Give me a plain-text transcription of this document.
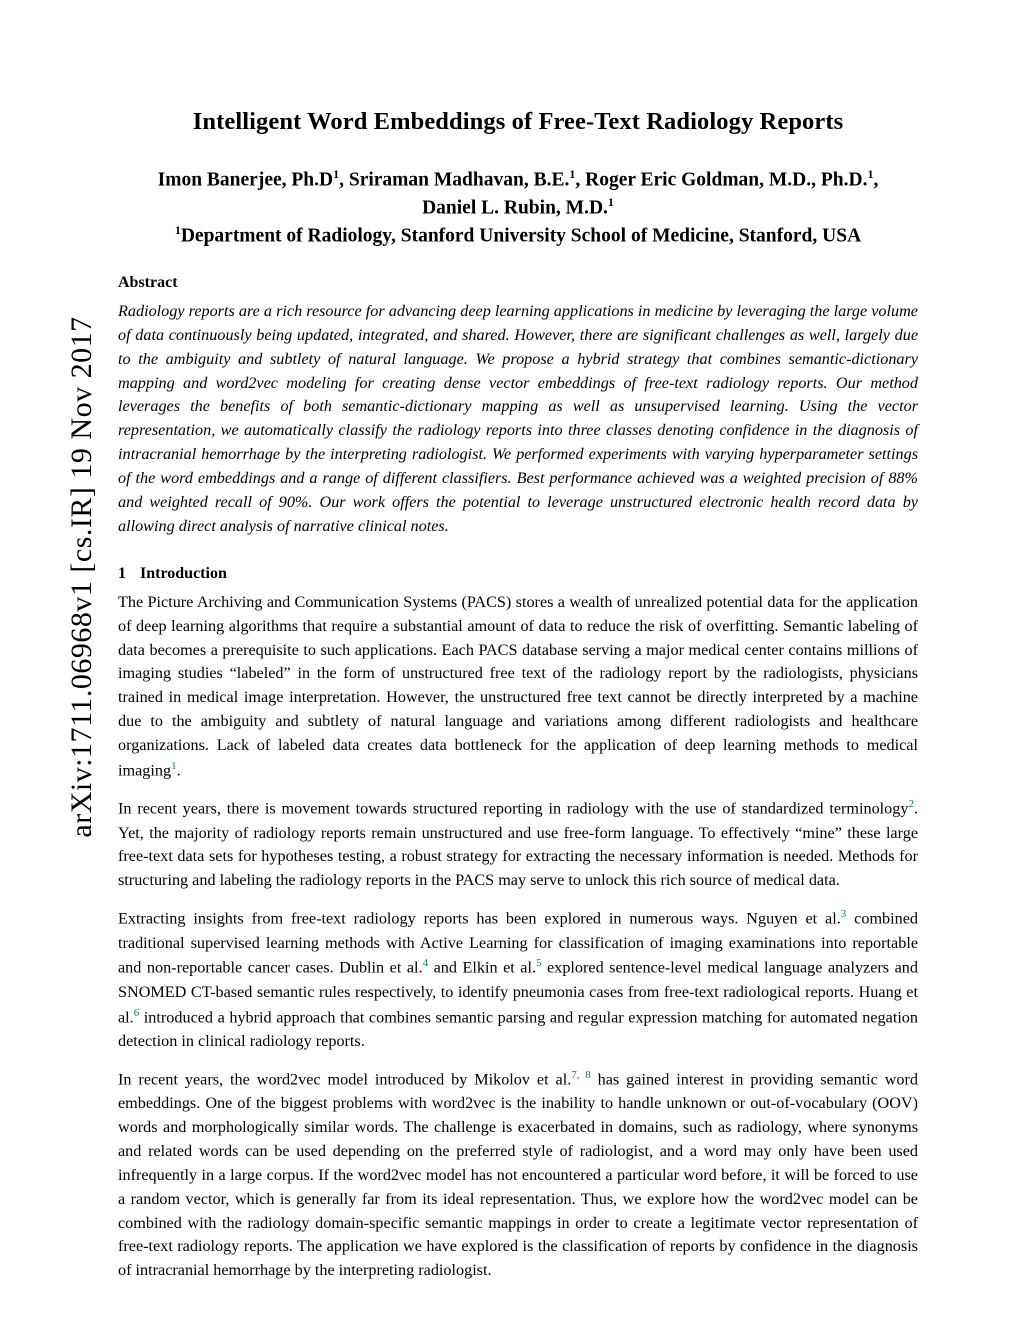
arXiv:1711.06968v1 [cs.IR] 19 Nov 2017
Intelligent Word Embeddings of Free-Text Radiology Reports
Imon Banerjee, $Ph.D^1$, Sriraman Madhavan, B.E.$^1$, Roger Eric Goldman, M.D., Ph.D.$^1$,
Daniel L. Rubin, M.D.$^1$
$^1$Department of Radiology, Stanford University School of Medicine, Stanford, USA
Abstract
Radiology reports are a rich resource for advancing deep learning applications in medicine by leveraging the large volume of data continuously being updated, integrated, and shared. However, there are significant challenges as well, largely due to the ambiguity and subtlety of natural language. We propose a hybrid strategy that combines semantic-dictionary mapping and word2vec modeling for creating dense vector embeddings of free-text radiology reports. Our method leverages the benefits of both semantic-dictionary mapping as well as unsupervised learning. Using the vector representation, we automatically classify the radiology reports into three classes denoting confidence in the diagnosis of intracranial hemorrhage by the interpreting radiologist. We performed experiments with varying hyperparameter settings of the word embeddings and a range of different classifiers. Best performance achieved was a weighted precision of 88% and weighted recall of 90%. Our work offers the potential to leverage unstructured electronic health record data by allowing direct analysis of narrative clinical notes.
1 Introduction

The Picture Archiving and Communication Systems (PACS) stores a wealth of unrealized potential data for the application of deep learning algorithms that require a substantial amount of data to reduce the risk of overfitting. Semantic labeling of data becomes a prerequisite to such applications. Each PACS database serving a major medical center contains millions of imaging studies “labeled” in the form of unstructured free text of the radiology report by the radiologists, physicians trained in medical image interpretation. However, the unstructured free text cannot be directly interpreted by a machine due to the ambiguity and subtlety of natural language and variations among different radiologists and healthcare organizations. Lack of labeled data creates data bottleneck for the application of deep learning methods to medical imaging$^1$.

In recent years, there is movement towards structured reporting in radiology with the use of standardized terminology$^2$. Yet, the majority of radiology reports remain unstructured and use free-form language. To effectively “mine” these large free-text data sets for hypotheses testing, a robust strategy for extracting the necessary information is needed. Methods for structuring and labeling the radiology reports in the PACS may serve to unlock this rich source of medical data.

Extracting insights from free-text radiology reports has been explored in numerous ways. Nguyen et al.$^3$ combined traditional supervised learning methods with Active Learning for classification of imaging examinations into reportable and non-reportable cancer cases. Dublin et al.$^4$ and Elkin et al.$^5$ explored sentence-level medical language analyzers and SNOMED CT-based semantic rules respectively, to identify pneumonia cases from free-text radiological reports. Huang et al.$^6$ introduced a hybrid approach that combines semantic parsing and regular expression matching for automated negation detection in clinical radiology reports.

In recent years, the word2vec model introduced by Mikolov et al.$^{7, 8}$ has gained interest in providing semantic word embeddings. One of the biggest problems with word2vec is the inability to handle unknown or out-of-vocabulary (OOV) words and morphologically similar words. The challenge is exacerbated in domains, such as radiology, where synonyms and related words can be used depending on the preferred style of radiologist, and a word may only have been used infrequently in a large corpus. If the word2vec model has not encountered a particular word before, it will be forced to use a random vector, which is generally far from its ideal representation. Thus, we explore how the word2vec model can be combined with the radiology domain-specific semantic mappings in order to create a legitimate vector representation of free-text radiology reports. The application we have explored is the classification of reports by confidence in the diagnosis of intracranial hemorrhage by the interpreting radiologist.
